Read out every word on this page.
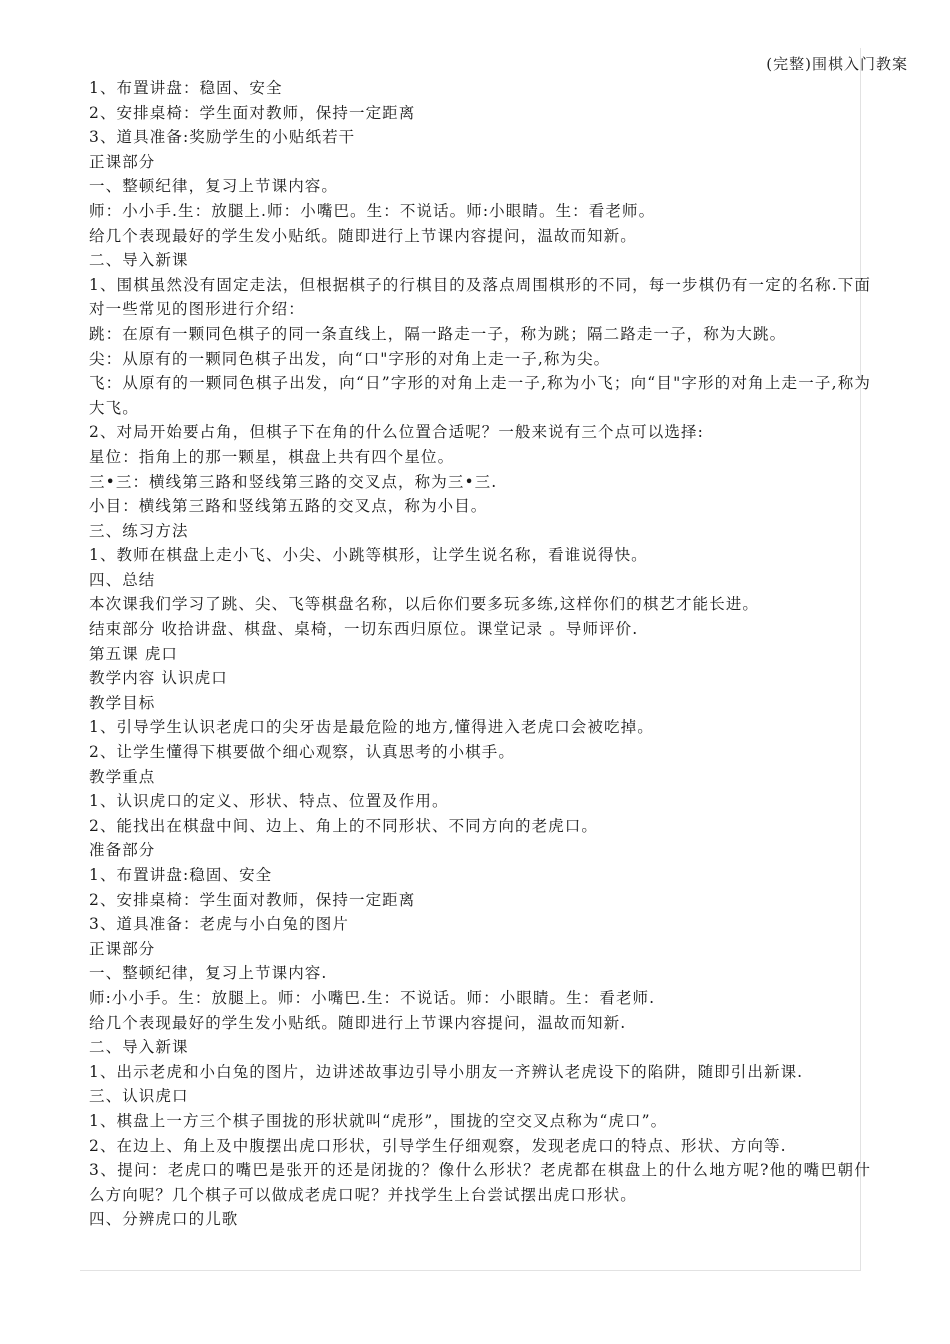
(完整)围棋入门教案

1、布置讲盘：稳固、安全

2、安排桌椅：学生面对教师，保持一定距离

3、道具准备:奖励学生的小贴纸若干

正课部分

一、整顿纪律，复习上节课内容。

师：小小手.生：放腿上.师：小嘴巴。生：不说话。师:小眼睛。生：看老师。

给几个表现最好的学生发小贴纸。随即进行上节课内容提问，温故而知新。

二、导入新课

1、围棋虽然没有固定走法，但根据棋子的行棋目的及落点周围棋形的不同，每一步棋仍有一定的名称.下面对一些常见的图形进行介绍：

跳：在原有一颗同色棋子的同一条直线上，隔一路走一子，称为跳；隔二路走一子，称为大跳。

尖：从原有的一颗同色棋子出发，向“口"字形的对角上走一子,称为尖。

飞：从原有的一颗同色棋子出发，向“日”字形的对角上走一子,称为小飞；向“目"字形的对角上走一子,称为大飞。

2、对局开始要占角，但棋子下在角的什么位置合适呢？一般来说有三个点可以选择:

星位：指角上的那一颗星，棋盘上共有四个星位。

三•三：横线第三路和竖线第三路的交叉点，称为三•三.

小目：横线第三路和竖线第五路的交叉点，称为小目。

三、练习方法

1、教师在棋盘上走小飞、小尖、小跳等棋形，让学生说名称，看谁说得快。

四、总结

本次课我们学习了跳、尖、飞等棋盘名称，以后你们要多玩多练,这样你们的棋艺才能长进。

结束部分 收拾讲盘、棋盘、桌椅，一切东西归原位。课堂记录 。导师评价.

第五课 虎口

教学内容 认识虎口

教学目标

1、引导学生认识老虎口的尖牙齿是最危险的地方,懂得进入老虎口会被吃掉。

2、让学生懂得下棋要做个细心观察，认真思考的小棋手。

教学重点

1、认识虎口的定义、形状、特点、位置及作用。

2、能找出在棋盘中间、边上、角上的不同形状、不同方向的老虎口。

准备部分

1、布置讲盘:稳固、安全

2、安排桌椅：学生面对教师，保持一定距离

3、道具准备：老虎与小白兔的图片

正课部分

一、整顿纪律，复习上节课内容.

师:小小手。生：放腿上。师：小嘴巴.生：不说话。师：小眼睛。生：看老师.

给几个表现最好的学生发小贴纸。随即进行上节课内容提问，温故而知新.

二、导入新课

1、出示老虎和小白兔的图片，边讲述故事边引导小朋友一齐辨认老虎设下的陷阱，随即引出新课.

三、认识虎口

1、棋盘上一方三个棋子围拢的形状就叫“虎形”，围拢的空交叉点称为“虎口”。

2、在边上、角上及中腹摆出虎口形状，引导学生仔细观察，发现老虎口的特点、形状、方向等.

3、提问：老虎口的嘴巴是张开的还是闭拢的？像什么形状？老虎都在棋盘上的什么地方呢?他的嘴巴朝什么方向呢？几个棋子可以做成老虎口呢？并找学生上台尝试摆出虎口形状。

四、分辨虎口的儿歌
